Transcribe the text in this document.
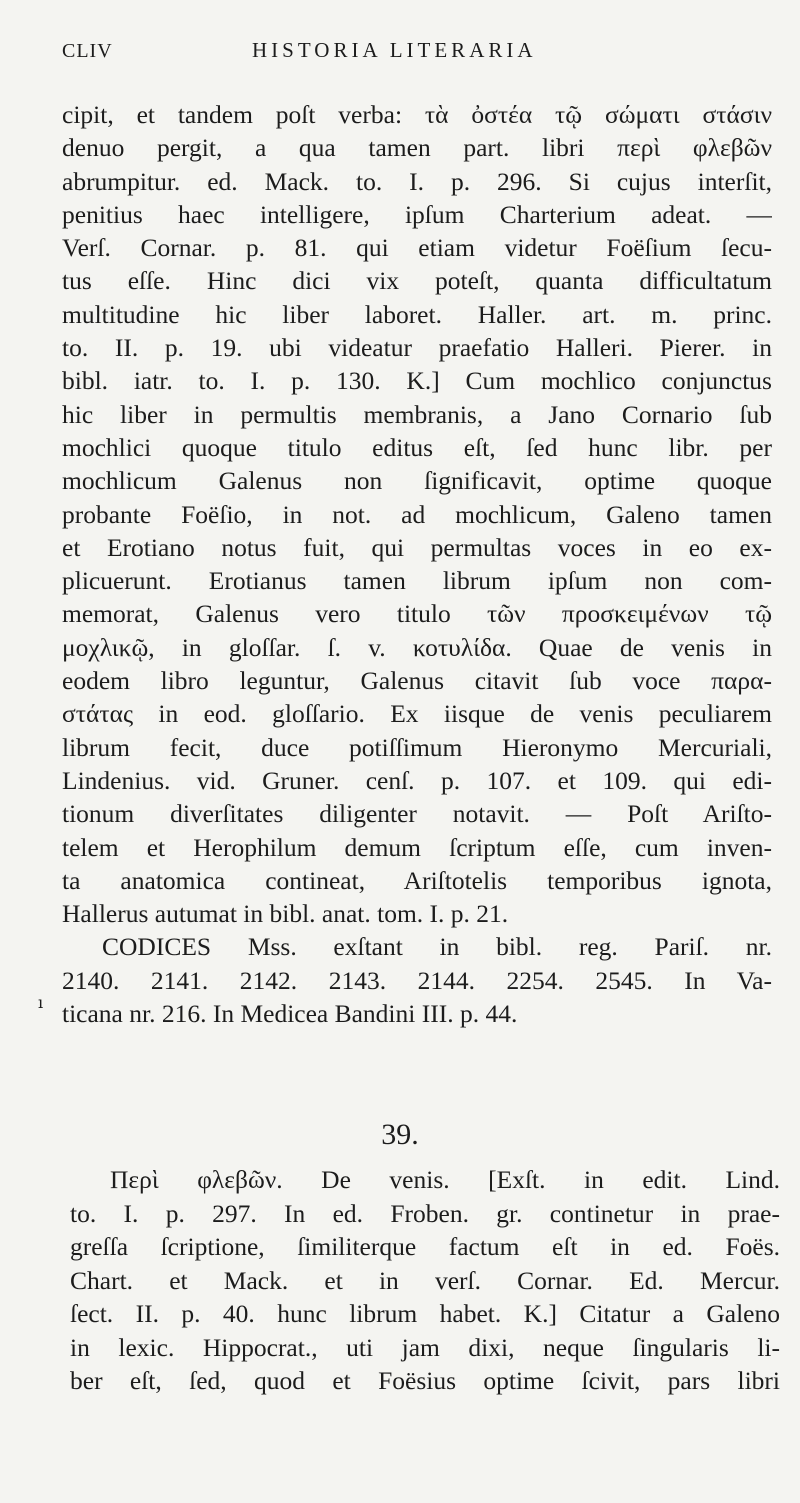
CLIV	HISTORIA LITERARIA
cipit, et tandem poſt verba: τὰ ὀστέα τῷ σώματι στάσιν
denuo pergit, a qua tamen part. libri περὶ φλεβῶν
abrumpitur. ed. Mack. to. I. p. 296. Si cujus interſit,
penitius haec intelligere, ipſum Charterium adeat. —
Verſ. Cornar. p. 81. qui etiam videtur Foëſium ſecu-
tus eſſe. Hinc dici vix poteſt, quanta difficultatum
multitudine hic liber laboret. Haller. art. m. princ.
to. II. p. 19. ubi videatur praefatio Halleri. Pierer. in
bibl. iatr. to. I. p. 130. K.] Cum mochlico conjunctus
hic liber in permultis membranis, a Jano Cornario ſub
mochlici quoque titulo editus eſt, ſed hunc libr. per
mochlicum Galenus non ſignificavit, optime quoque
probante Foëſio, in not. ad mochlicum, Galeno tamen
et Erotiano notus fuit, qui permultas voces in eo ex-
plicuerunt. Erotianus tamen librum ipſum non com-
memorat, Galenus vero titulo τῶν προσκειμένων τῷ
μοχλικῷ, in gloſſar. ſ. v. κοτυλίδα. Quae de venis in
eodem libro leguntur, Galenus citavit ſub voce παρα-
στάτας in eod. gloſſario. Ex iisque de venis peculiarem
librum fecit, duce potiſſimum Hieronymo Mercuriali,
Lindenius. vid. Gruner. cenſ. p. 107. et 109. qui edi-
tionum diverſitates diligenter notavit. — Poſt Ariſto-
telem et Herophilum demum ſcriptum eſſe, cum inven-
ta anatomica contineat, Ariſtotelis temporibus ignota,
Hallerus autumat in bibl. anat. tom. I. p. 21.
CODICES Mss. exſtant in bibl. reg. Pariſ. nr.
2140. 2141. 2142. 2143. 2144. 2254. 2545. In Va-
ticana nr. 216. In Medicea Bandini III. p. 44.
ı
39.
Περὶ φλεβῶν. De venis. [Exſt. in edit. Lind.
to. I. p. 297. In ed. Froben. gr. continetur in prae-
greſſa ſcriptione, ſimiliterque factum eſt in ed. Foës.
Chart. et Mack. et in verſ. Cornar. Ed. Mercur.
ſect. II. p. 40. hunc librum habet. K.] Citatur a Galeno
in lexic. Hippocrat., uti jam dixi, neque ſingularis li-
ber eſt, ſed, quod et Foësius optime ſcivit, pars libri
